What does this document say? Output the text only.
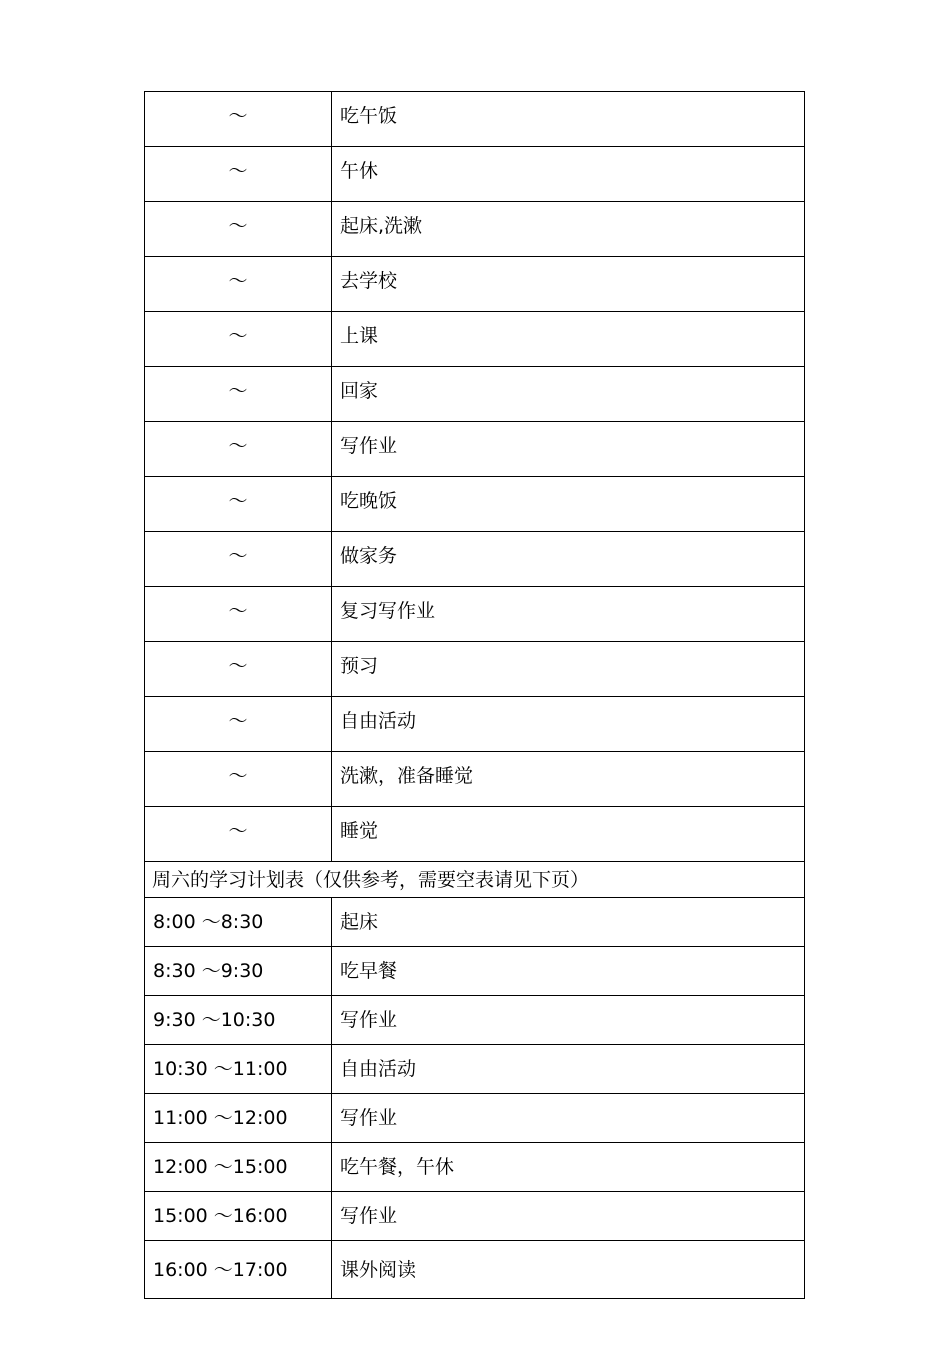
～	吃午饭
～	午休
～	起床,洗漱
～	去学校
～	上课
～	回家
～	写作业
～	吃晚饭
～	做家务
～	复习写作业
～	预习
～	自由活动
～	洗漱，准备睡觉
～	睡觉
周六的学习计划表（仅供参考，需要空表请见下页）	
8:00 ～8:30	起床
8:30 ～9:30	吃早餐
9:30 ～10:30	写作业
10:30 ～11:00	自由活动
11:00 ～12:00	写作业
12:00 ～15:00	吃午餐，午休
15:00 ～16:00	写作业
16:00 ～17:00	课外阅读
